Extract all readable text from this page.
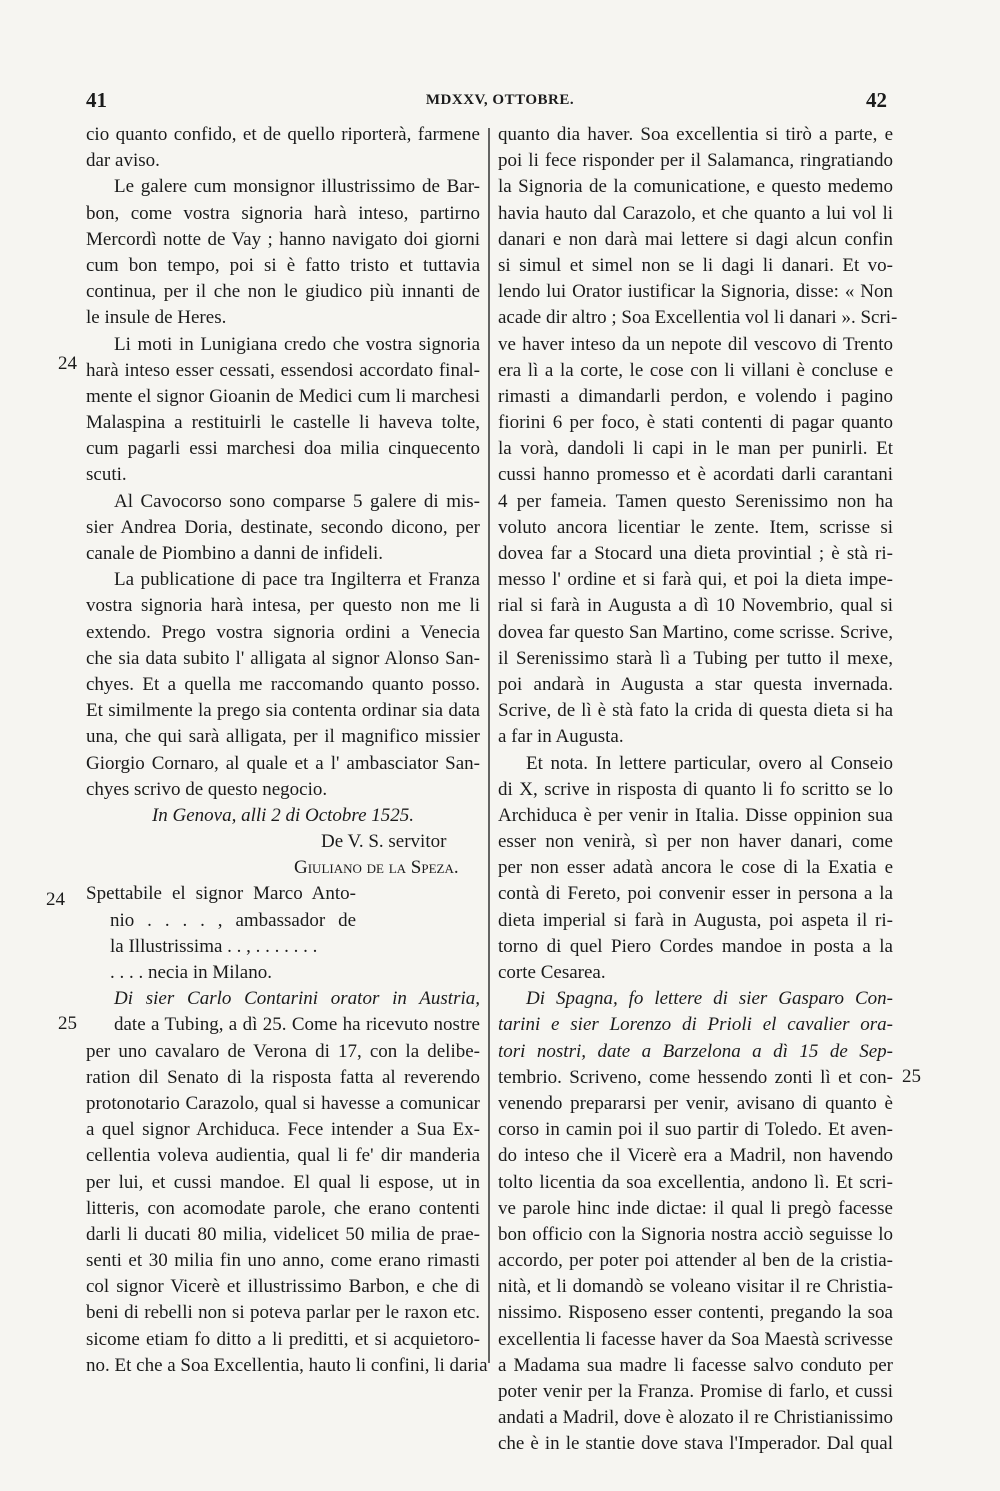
41	MDXXV, OTTOBRE.	42
24
24
25
25
cio quanto confido, et de quello riporterà, farmene
dar aviso.
Le galere cum monsignor illustrissimo de Bar-
bon, come vostra signoria harà inteso, partirno
Mercordì notte de Vay ; hanno navigato doi giorni
cum bon tempo, poi si è fatto tristo et tuttavia
continua, per il che non le giudico più innanti de
le insule de Heres.
Li moti in Lunigiana credo che vostra signoria
harà inteso esser cessati, essendosi accordato final-
mente el signor Gioanin de Medici cum li marchesi
Malaspina a restituirli le castelle li haveva tolte,
cum pagarli essi marchesi doa milia cinquecento
scuti.
Al Cavocorso sono comparse 5 galere di mis-
sier Andrea Doria, destinate, secondo dicono, per
canale de Piombino a danni de infideli.
La publicatione di pace tra Ingilterra et Franza
vostra signoria harà intesa, per questo non me li
extendo. Prego vostra signoria ordini a Venecia
che sia data subito l' alligata al signor Alonso San-
chyes. Et a quella me raccomando quanto posso.
Et similmente la prego sia contenta ordinar sia data
una, che qui sarà alligata, per il magnifico missier
Giorgio Cornaro, al quale et a l' ambasciator San-
chyes scrivo de questo negocio.
In Genova, alli 2 di Octobre 1525.
De V. S. servitor
Giuliano de la Speza.
Spettabile el signor Marco Anto-
nio . . . . , ambassador de
la Illustrissima . . , . . . . . . .
. . . . necia in Milano.
Di sier Carlo Contarini orator in Austria,
date a Tubing, a dì 25. Come ha ricevuto nostre
per uno cavalaro de Verona di 17, con la delibe-
ration dil Senato di la risposta fatta al reverendo
protonotario Carazolo, qual si havesse a comunicar
a quel signor Archiduca. Fece intender a Sua Ex-
cellentia voleva audientia, qual li fe' dir manderia
per lui, et cussi mandoe. El qual li espose, ut in
litteris, con acomodate parole, che erano contenti
darli li ducati 80 milia, videlicet 50 milia de prae-
senti et 30 milia fin uno anno, come erano rimasti
col signor Vicerè et illustrissimo Barbon, e che di
beni di rebelli non si poteva parlar per le raxon etc.
sicome etiam fo ditto a li preditti, et si acquietoro-
no. Et che a Soa Excellentia, hauto li confini, li daria
quanto dia haver. Soa excellentia si tirò a parte, e
poi li fece risponder per il Salamanca, ringratiando
la Signoria de la comunicatione, e questo medemo
havia hauto dal Carazolo, et che quanto a lui vol li
danari e non darà mai lettere si dagi alcun confin
si simul et simel non se li dagi li danari. Et vo-
lendo lui Orator iustificar la Signoria, disse: « Non
acade dir altro ; Soa Excellentia vol li danari ». Scri-
ve haver inteso da un nepote dil vescovo di Trento
era lì a la corte, le cose con li villani è concluse e
rimasti a dimandarli perdon, e volendo i pagino
fiorini 6 per foco, è stati contenti di pagar quanto
la vorà, dandoli li capi in le man per punirli. Et
cussi hanno promesso et è acordati darli carantani
4 per fameia. Tamen questo Serenissimo non ha
voluto ancora licentiar le zente. Item, scrisse si
dovea far a Stocard una dieta provintial ; è stà ri-
messo l' ordine et si farà qui, et poi la dieta impe-
rial si farà in Augusta a dì 10 Novembrio, qual si
dovea far questo San Martino, come scrisse. Scrive,
il Serenissimo starà lì a Tubing per tutto il mexe,
poi andarà in Augusta a star questa invernada.
Scrive, de lì è stà fato la crida di questa dieta si ha
a far in Augusta.
Et nota. In lettere particular, overo al Conseio
di X, scrive in risposta di quanto li fo scritto se lo
Archiduca è per venir in Italia. Disse oppinion sua
esser non venirà, sì per non haver danari, come
per non esser adatà ancora le cose di la Exatia e
contà di Fereto, poi convenir esser in persona a la
dieta imperial si farà in Augusta, poi aspeta il ri-
torno di quel Piero Cordes mandoe in posta a la
corte Cesarea.
Di Spagna, fo lettere di sier Gasparo Con-
tarini e sier Lorenzo di Prioli el cavalier ora-
tori nostri, date a Barzelona a dì 15 de Sep-
tembrio. Scriveno, come hessendo zonti lì et con-
venendo prepararsi per venir, avisano di quanto è
corso in camin poi il suo partir di Toledo. Et aven-
do inteso che il Vicerè era a Madril, non havendo
tolto licentia da soa excellentia, andono lì. Et scri-
ve parole hinc inde dictae: il qual li pregò facesse
bon officio con la Signoria nostra acciò seguisse lo
accordo, per poter poi attender al ben de la cristia-
nità, et li domandò se voleano visitar il re Christia-
nissimo. Risposeno esser contenti, pregando la soa
excellentia li facesse haver da Soa Maestà scrivesse
a Madama sua madre li facesse salvo conduto per
poter venir per la Franza. Promise di farlo, et cussi
andati a Madril, dove è alozato il re Christianissimo
che è in le stantie dove stava l'Imperador. Dal qual
